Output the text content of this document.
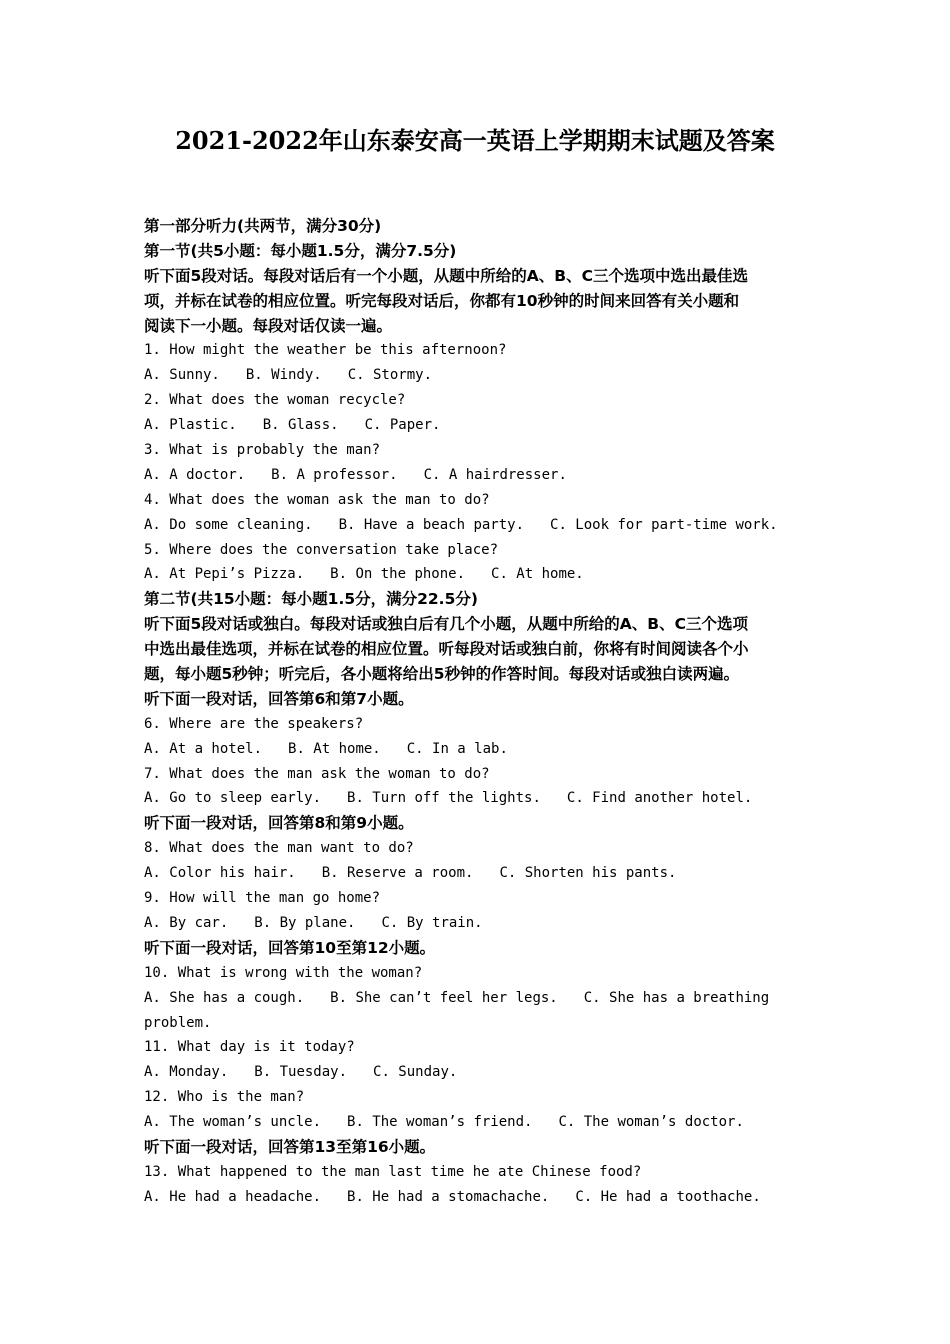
2021-2022年山东泰安高一英语上学期期末试题及答案
第一部分听力(共两节，满分30分)
第一节(共5小题：每小题1.5分，满分7.5分)
听下面5段对话。每段对话后有一个小题，从题中所给的A、B、C三个选项中选出最佳选
项，并标在试卷的相应位置。听完每段对话后，你都有10秒钟的时间来回答有关小题和
阅读下一小题。每段对话仅读一遍。
1. How might the weather be this afternoon?
A. Sunny. B. Windy. C. Stormy.
2. What does the woman recycle?
A. Plastic. B. Glass. C. Paper.
3. What is probably the man?
A. A doctor. B. A professor. C. A hairdresser.
4. What does the woman ask the man to do?
A. Do some cleaning. B. Have a beach party. C. Look for part-time work.
5. Where does the conversation take place?
A. At Pepi’s Pizza. B. On the phone. C. At home.
第二节(共15小题：每小题1.5分，满分22.5分)
听下面5段对话或独白。每段对话或独白后有几个小题，从题中所给的A、B、C三个选项
中选出最佳选项，并标在试卷的相应位置。听每段对话或独白前，你将有时间阅读各个小
题，每小题5秒钟；听完后，各小题将给出5秒钟的作答时间。每段对话或独白读两遍。
听下面一段对话，回答第6和第7小题。
6. Where are the speakers?
A. At a hotel. B. At home. C. In a lab.
7. What does the man ask the woman to do?
A. Go to sleep early. B. Turn off the lights. C. Find another hotel.
听下面一段对话，回答第8和第9小题。
8. What does the man want to do?
A. Color his hair. B. Reserve a room. C. Shorten his pants.
9. How will the man go home?
A. By car. B. By plane. C. By train.
听下面一段对话，回答第10至第12小题。
10. What is wrong with the woman?
A. She has a cough. B. She can’t feel her legs. C. She has a breathing
problem.
11. What day is it today?
A. Monday. B. Tuesday. C. Sunday.
12. Who is the man?
A. The woman’s uncle. B. The woman’s friend. C. The woman’s doctor.
听下面一段对话，回答第13至第16小题。
13. What happened to the man last time he ate Chinese food?
A. He had a headache. B. He had a stomachache. C. He had a toothache.
